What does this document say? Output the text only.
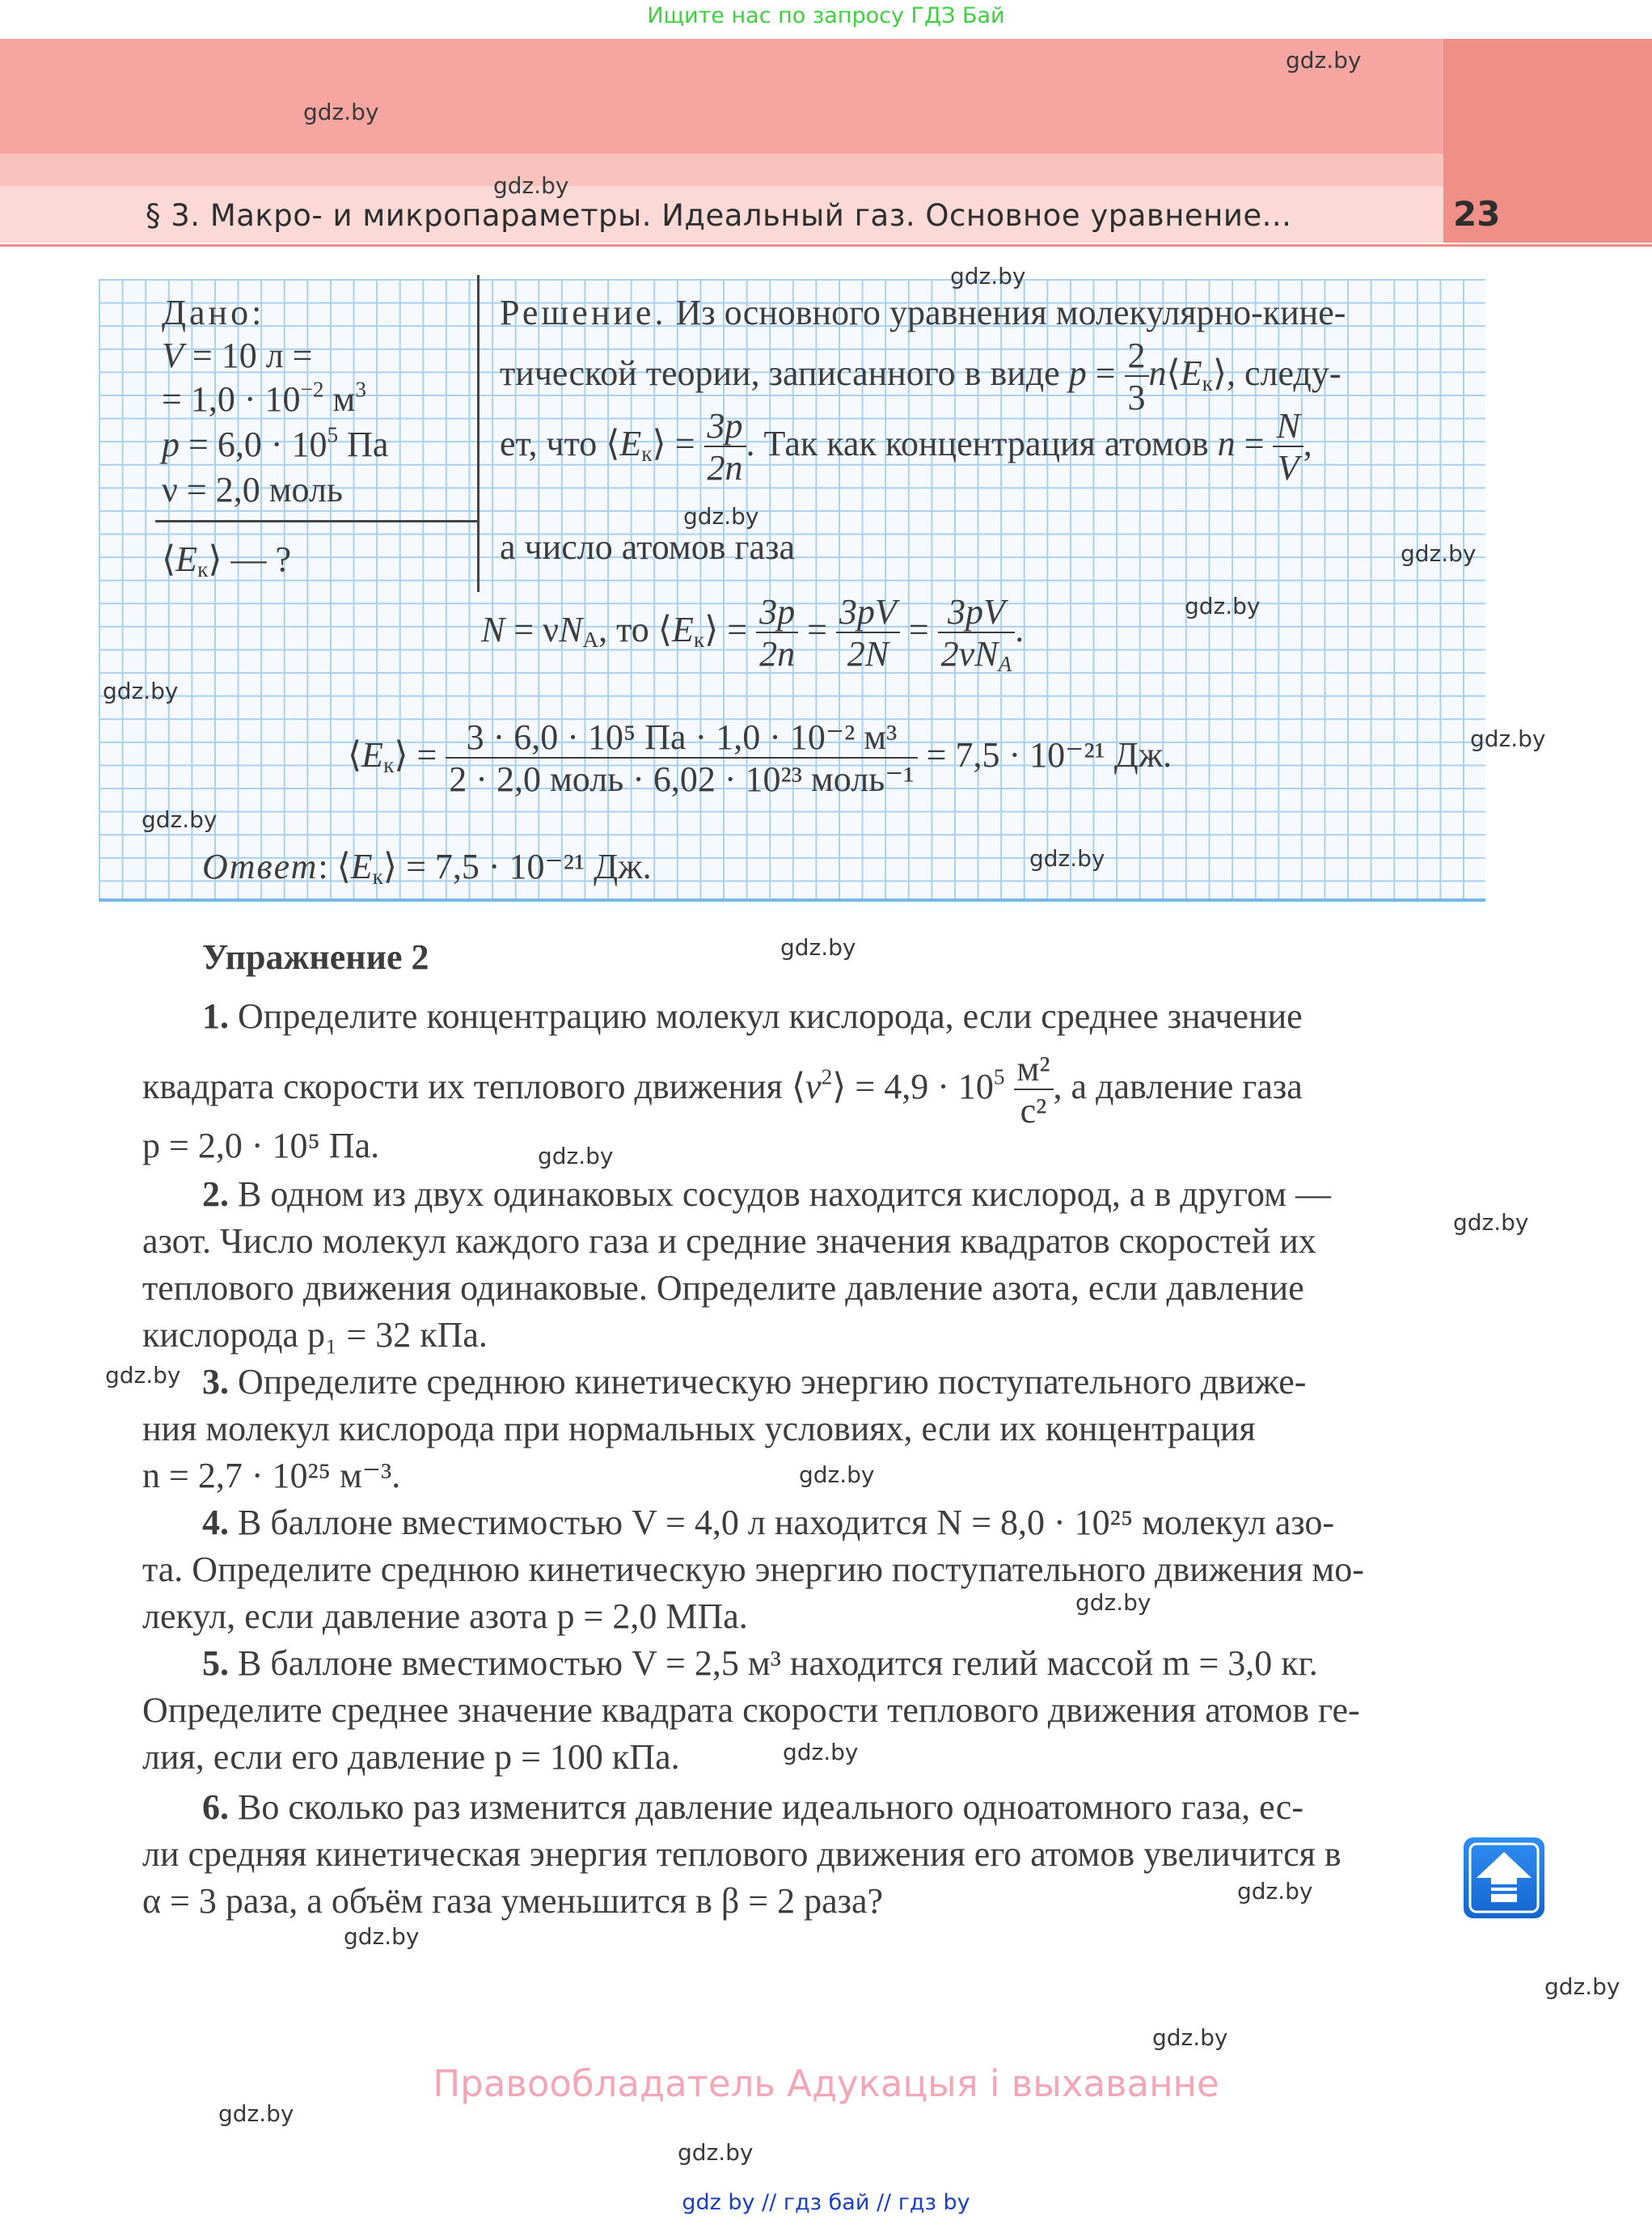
Ищите нас по запросу ГДЗ Бай
§ 3. Макро- и микропараметры. Идеальный газ. Основное уравнение...	23
Дано:
V = 10 л =
= $1,0 \cdot 10^{-2}$ $м^3$
$p = 6,0 \cdot 10^5$ Па
ν = 2,0 моль
$⟨E_к⟩$ — ?
Решение. Из основного уравнения молекулярно-кине-
тической теории, записанного в виде $p = \frac{2}{3}$ $n⟨E_к⟩$, следу-
ет, что $⟨E_к⟩ = \frac{3p}{2n}$ . Так как концентрация атомов $n = \frac{N}{V}$ ,
а число атомов газа
$N = \nu N_А$, то $⟨E_к⟩ = \frac{3p}{2n} = \frac{3pV}{2N} = \frac{3pV}{2\nu N_A}$ .
$⟨E_к⟩ = \frac{\text{3 · 6,0 · 10⁵ Па · 1,0 · 10⁻² м³}}{\text{2 · 2,0 моль · 6,02 · 10²³ моль⁻¹}} = 7,5 \cdot 10^{-21}$ Дж.
Ответ: $⟨E_к⟩ = 7,5 \cdot 10^{-21}$ Дж.
Упражнение 2
1. Определите концентрацию молекул кислорода, если среднее значение
квадрата скорости их теплового движения $⟨v^2⟩ = 4,9 \cdot 10^5 \frac{\text{м²}}{\text{с²}}$ , а давление газа
p = 2,0 · 10⁵ Па.
2. В одном из двух одинаковых сосудов находится кислород, а в другом —
азот. Число молекул каждого газа и средние значения квадратов скоростей их
теплового движения одинаковые. Определите давление азота, если давление
кислорода p₁ = 32 кПа.
3. Определите среднюю кинетическую энергию поступательного движе-
ния молекул кислорода при нормальных условиях, если их концентрация
n = 2,7 · 10²⁵ м⁻³.
4. В баллоне вместимостью V = 4,0 л находится N = 8,0 · 10²⁵ молекул азо-
та. Определите среднюю кинетическую энергию поступательного движения мо-
лекул, если давление азота p = 2,0 МПа.
5. В баллоне вместимостью V = 2,5 м³ находится гелий массой m = 3,0 кг.
Определите среднее значение квадрата скорости теплового движения атомов ге-
лия, если его давление p = 100 кПа.
6. Во сколько раз изменится давление идеального одноатомного газа, ес-
ли средняя кинетическая энергия теплового движения его атомов увеличится в
α = 3 раза, а объём газа уменьшится в β = 2 раза?
gdz.by
gdz.by
gdz.by
gdz.by
gdz.by
gdz.by
gdz.by
gdz.by
gdz.by
gdz.by
gdz.by
gdz.by
gdz.by
gdz.by
gdz.by
gdz.by
gdz.by
gdz.by
gdz.by
gdz.by
gdz.by
gdz.by
gdz.by
gdz.by
Правообладатель Адукацыя і выхаванне
gdz by // гдз бай // гдз by
